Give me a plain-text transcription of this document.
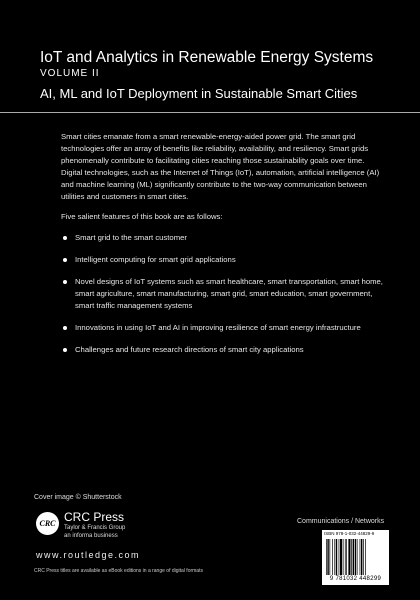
IoT and Analytics in Renewable Energy Systems
VOLUME II
AI, ML and IoT Deployment in Sustainable Smart Cities
Smart cities emanate from a smart renewable-energy-aided power grid. The smart grid technologies offer an array of benefits like reliability, availability, and resiliency. Smart grids phenomenally contribute to facilitating cities reaching those sustainability goals over time. Digital technologies, such as the Internet of Things (IoT), automation, artificial intelligence (AI) and machine learning (ML) significantly contribute to the two-way communication between utilities and customers in smart cities.
Five salient features of this book are as follows:
Smart grid to the smart customer
Intelligent computing for smart grid applications
Novel designs of IoT systems such as smart healthcare, smart transportation, smart home, smart agriculture, smart manufacturing, smart grid, smart education, smart government, smart traffic management systems
Innovations in using IoT and AI in improving resilience of smart energy infrastructure
Challenges and future research directions of smart city applications
Cover image © Shutterstock
CRC CRC Press
Taylor & Francis Group
an informa business
www.routledge.com
CRC Press titles are available as eBook editions in a range of digital formats
Communications / Networks
ISBN 978-1-032-44829-9
9 781032 448299
